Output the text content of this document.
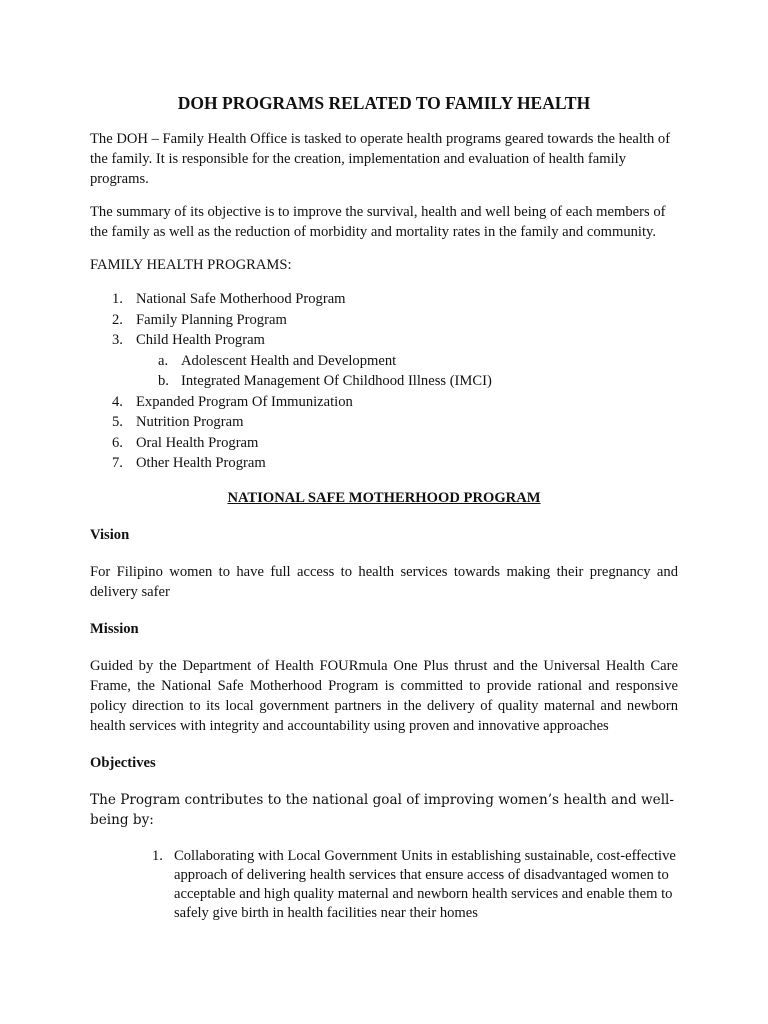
DOH PROGRAMS RELATED TO FAMILY HEALTH

The DOH – Family Health Office is tasked to operate health programs geared towards the health of the family. It is responsible for the creation, implementation and evaluation of health family programs.

The summary of its objective is to improve the survival, health and well being of each members of the family as well as the reduction of morbidity and mortality rates in the family and community.

FAMILY HEALTH PROGRAMS:

1. National Safe Motherhood Program
2. Family Planning Program
3. Child Health Program
a. Adolescent Health and Development
b. Integrated Management Of Childhood Illness (IMCI)
4. Expanded Program Of Immunization
5. Nutrition Program
6. Oral Health Program
7. Other Health Program
NATIONAL SAFE MOTHERHOOD PROGRAM
Vision

For Filipino women to have full access to health services towards making their pregnancy and delivery safer

Mission

Guided by the Department of Health FOURmula One Plus thrust and the Universal Health Care Frame, the National Safe Motherhood Program is committed to provide rational and responsive policy direction to its local government partners in the delivery of quality maternal and newborn health services with integrity and accountability using proven and innovative approaches

Objectives

The Program contributes to the national goal of improving women’s health and well-being by:

1. Collaborating with Local Government Units in establishing sustainable, cost-effective approach of delivering health services that ensure access of disadvantaged women to acceptable and high quality maternal and newborn health services and enable them to safely give birth in health facilities near their homes
